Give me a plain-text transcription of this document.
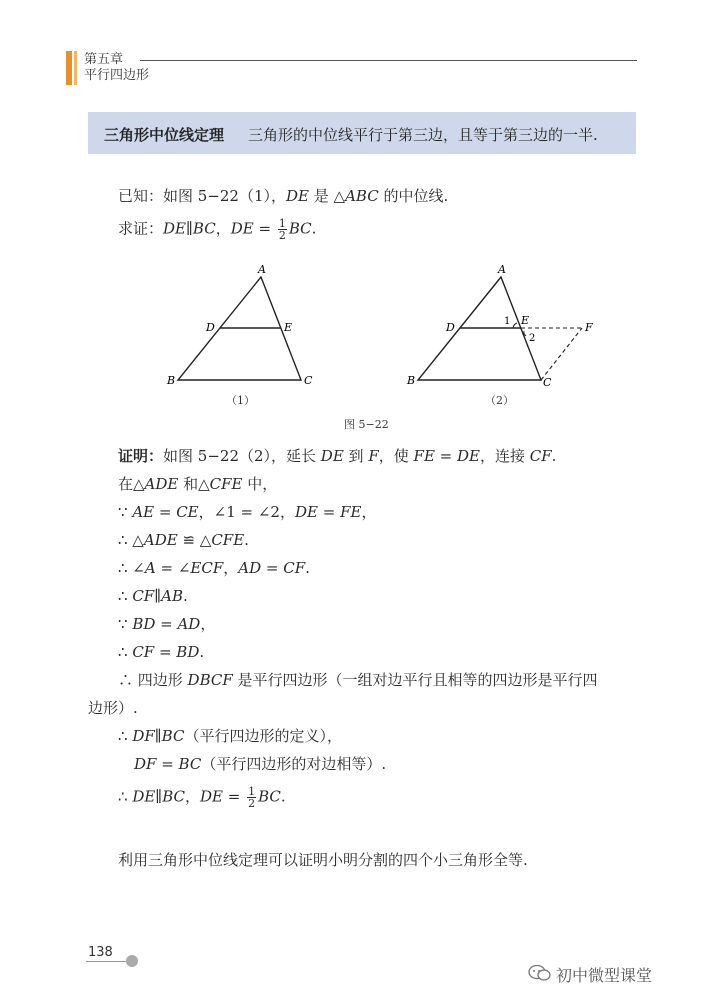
第五章
平行四边形
三角形中位线定理 三角形的中位线平行于第三边，且等于第三边的一半.
已知：如图 5−22（1），DE 是 △ABC 的中位线.
求证：DE∥BC，DE = $\frac{1}{2}$ BC.
A
B	C
D	E
（1）
A
B	C
D
E
F
1
2
（2）
图 5−22
证明：如图 5−22（2），延长 DE 到 F，使 FE = DE，连接 CF.
在△ADE 和△CFE 中，
∵ AE = CE，∠1 = ∠2，DE = FE，
∴ △ADE ≌ △CFE.
∴ ∠A = ∠ECF，AD = CF.
∴ CF∥AB.
∵ BD = AD，
∴ CF = BD.
∴ 四边形 DBCF 是平行四边形（一组对边平行且相等的四边形是平行四
边形）.
∴ DF∥BC（平行四边形的定义），
DF = BC（平行四边形的对边相等）.
∴ DE∥BC，DE = $\frac{1}{2}$ BC.
利用三角形中位线定理可以证明小明分割的四个小三角形全等.
138
初中微型课堂
